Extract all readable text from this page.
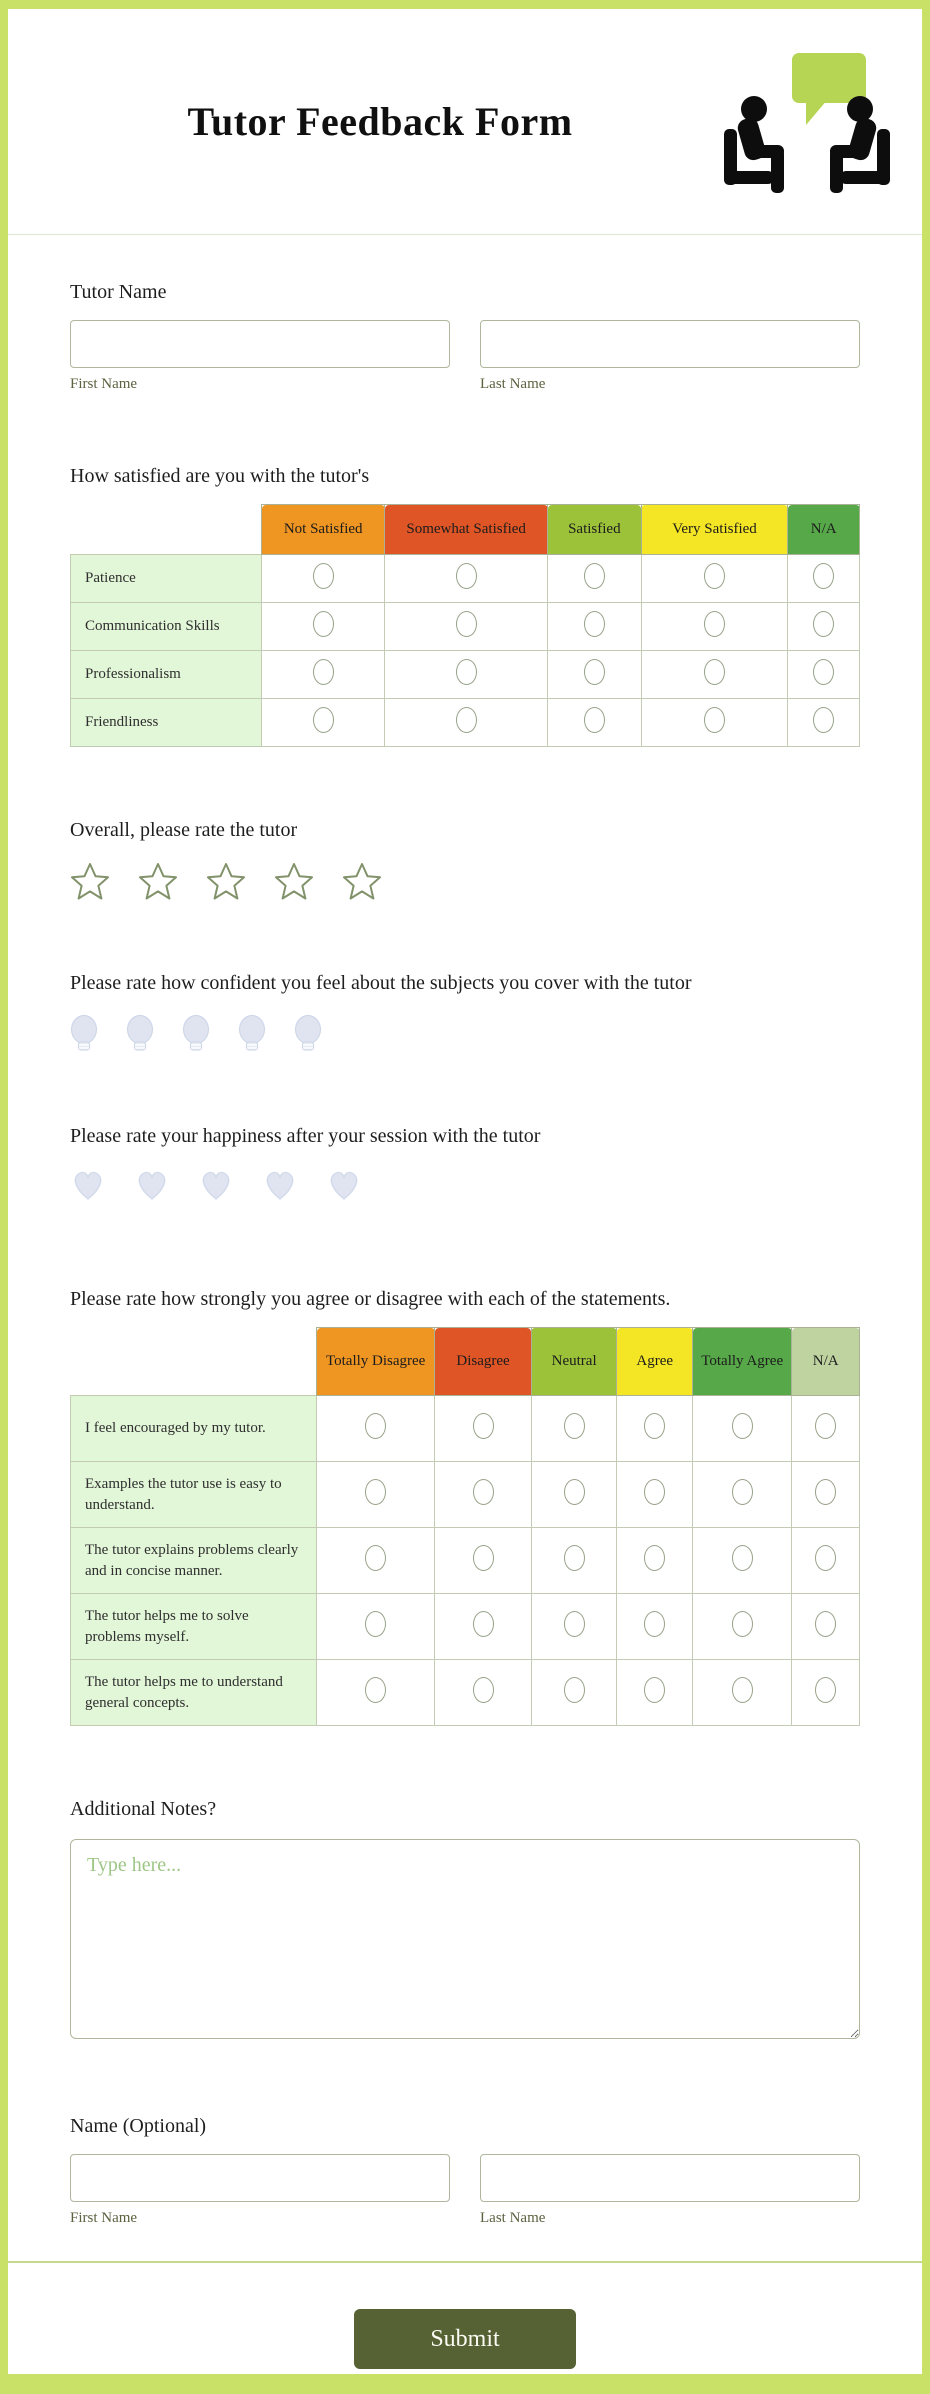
Tutor Feedback Form
Tutor Name
First Name	Last Name
How satisfied are you with the tutor's
	Not Satisfied	Somewhat Satisfied	Satisfied	Very Satisfied	N/A
Patience					
Communication Skills					
Professionalism					
Friendliness					
Overall, please rate the tutor
Please rate how confident you feel about the subjects you cover with the tutor
Please rate your happiness after your session with the tutor
Please rate how strongly you agree or disagree with each of the statements.
	Totally Disagree	Disagree	Neutral	Agree	Totally Agree	N/A
I feel encouraged by my tutor.						
Examples the tutor use is easy to understand.						
The tutor explains problems clearly and in concise manner.						
The tutor helps me to solve problems myself.						
The tutor helps me to understand general concepts.						
Additional Notes?
Type here...
Name (Optional)
First Name	Last Name
Submit
